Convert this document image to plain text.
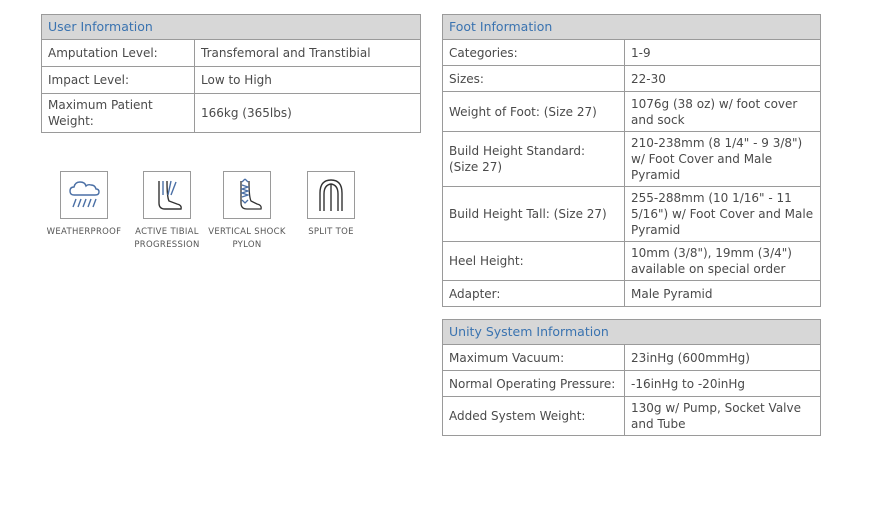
User Information	
Amputation Level:	Transfemoral and Transtibial
Impact Level:	Low to High
Maximum Patient Weight:	166kg (365lbs)
WEATHERPROOF	ACTIVE TIBIAL PROGRESSION
VERTICAL SHOCK PYLON
SPLIT TOE
Foot Information	
Categories:	1-9
Sizes:	22-30
Weight of Foot: (Size 27)	1076g (38 oz) w/ foot cover and sock
Build Height Standard: (Size 27)	210-238mm (8 1/4" - 9 3/8") w/ Foot Cover and Male Pyramid
Build Height Tall: (Size 27)	255-288mm (10 1/16" - 11 5/16") w/ Foot Cover and Male Pyramid
Heel Height:	10mm (3/8"), 19mm (3/4") available on special order
Adapter:	Male Pyramid
Unity System Information	
Maximum Vacuum:	23inHg (600mmHg)
Normal Operating Pressure:	-16inHg to -20inHg
Added System Weight:	130g w/ Pump, Socket Valve and Tube
